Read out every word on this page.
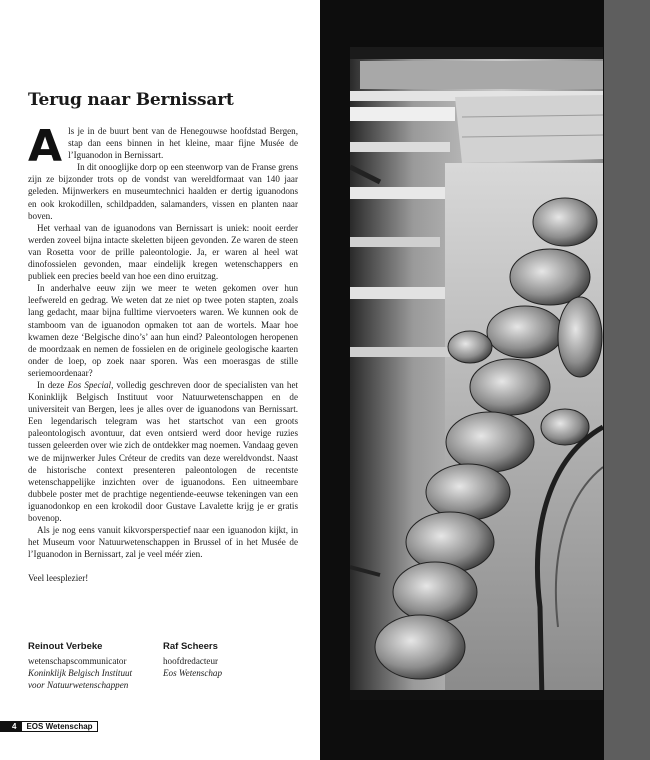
Terug naar Bernissart

Als je in de buurt bent van de Henegouwse hoofdstad Bergen, stap dan eens binnen in het kleine, maar fijne Musée de l’Iguanodon in Bernissart.

In dit onooglijke dorp op een steenworp van de Franse grens zijn ze bijzonder trots op de vondst van wereldformaat van 140 jaar geleden. Mijnwerkers en museumtechnici haalden er dertig iguanodons en ook krokodillen, schildpadden, salamanders, vissen en planten naar boven.

Het verhaal van de iguanodons van Bernissart is uniek: nooit eerder werden zoveel bijna intacte skeletten bijeen gevonden. Ze waren de steen van Rosetta voor de prille paleontologie. Ja, er waren al heel wat dinofossielen gevonden, maar eindelijk kregen wetenschappers en publiek een precies beeld van hoe een dino eruitzag.

In anderhalve eeuw zijn we meer te weten gekomen over hun leefwereld en gedrag. We weten dat ze niet op twee poten stapten, zoals lang gedacht, maar bijna fulltime viervoeters waren. We kunnen ook de stamboom van de iguanodon opmaken tot aan de wortels. Maar hoe kwamen deze ‘Belgische dino’s’ aan hun eind? Paleontologen heropenen de moordzaak en nemen de fossielen en de originele geologische kaarten onder de loep, op zoek naar sporen. Was een moerasgas de stille seriemoordenaar?

In deze Eos Special, volledig geschreven door de specialisten van het Koninklijk Belgisch Instituut voor Natuurwetenschappen en de universiteit van Bergen, lees je alles over de iguanodons van Bernissart. Een legendarisch telegram was het startschot van een groots paleontologisch avontuur, dat even ontsierd werd door hevige ruzies tussen geleerden over wie zich de ontdekker mag noemen. Vandaag geven we de mijnwerker Jules Créteur de credits van deze wereldvondst. Naast de historische context presenteren paleontologen de recentste wetenschappelijke inzichten over de iguanodons. Een uitneembare dubbele poster met de prachtige negentiende-eeuwse tekeningen van een iguanodonkop en een krokodil door Gustave Lavalette krijg je er gratis bovenop.

Als je nog eens vanuit kikvorsperspectief naar een iguanodon kijkt, in het Museum voor Natuurwetenschappen in Brussel of in het Musée de l’Iguanodon in Bernissart, zal je veel méér zien.

Veel leesplezier!

Reinout Verbeke
wetenschapscommunicator
Koninklijk Belgisch Instituut
voor Natuurwetenschappen
Raf Scheers
hoofdredacteur
Eos Wetenschap
4	EOS Wetenschap
